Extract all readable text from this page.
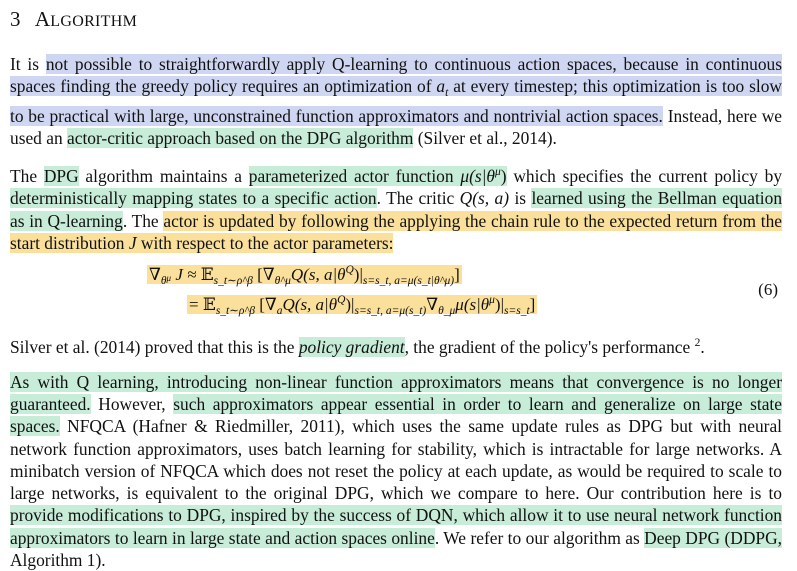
3 ALGORITHM

It is not possible to straightforwardly apply Q-learning to continuous action spaces, because in continuous spaces finding the greedy policy requires an optimization of $a_t$ at every timestep; this optimization is too slow to be practical with large, unconstrained function approximators and nontrivial action spaces. Instead, here we used an actor-critic approach based on the DPG algorithm (Silver et al., 2014).

The DPG algorithm maintains a parameterized actor function $\mu(s|\theta^\mu)$ which specifies the current policy by deterministically mapping states to a specific action. The critic Q(s, a) is learned using the Bellman equation as in Q-learning. The actor is updated by following the applying the chain rule to the expected return from the start distribution J with respect to the actor parameters:

$\nabla_\theta\mu$ J ≈ 𝔼$_{s\_t\sim\rho\^{}\beta}$ [$\nabla_{\theta\^{}\mu}Q(s$, $a|\theta^Q)|_{s=s\_t, a=\mu(s\_t|\theta\^{}\mu)}$]
= 𝔼$_{s\_t\sim\rho\^{}\beta}$ [$\nabla_aQ(s$, $a|\theta^Q)|_{s=s\_t, a=\mu(s\_t)}\nabla_{\theta\_\mu}\mu(s|\theta^\mu)|_{s=s\_t}$]
(6)

Silver et al. (2014) proved that this is the policy gradient, the gradient of the policy's performance $^2$.

As with Q learning, introducing non-linear function approximators means that convergence is no longer guaranteed. However, such approximators appear essential in order to learn and generalize on large state spaces. NFQCA (Hafner & Riedmiller, 2011), which uses the same update rules as DPG but with neural network function approximators, uses batch learning for stability, which is intractable for large networks. A minibatch version of NFQCA which does not reset the policy at each update, as would be required to scale to large networks, is equivalent to the original DPG, which we compare to here. Our contribution here is to provide modifications to DPG, inspired by the success of DQN, which allow it to use neural network function approximators to learn in large state and action spaces online. We refer to our algorithm as Deep DPG (DDPG, Algorithm 1).
